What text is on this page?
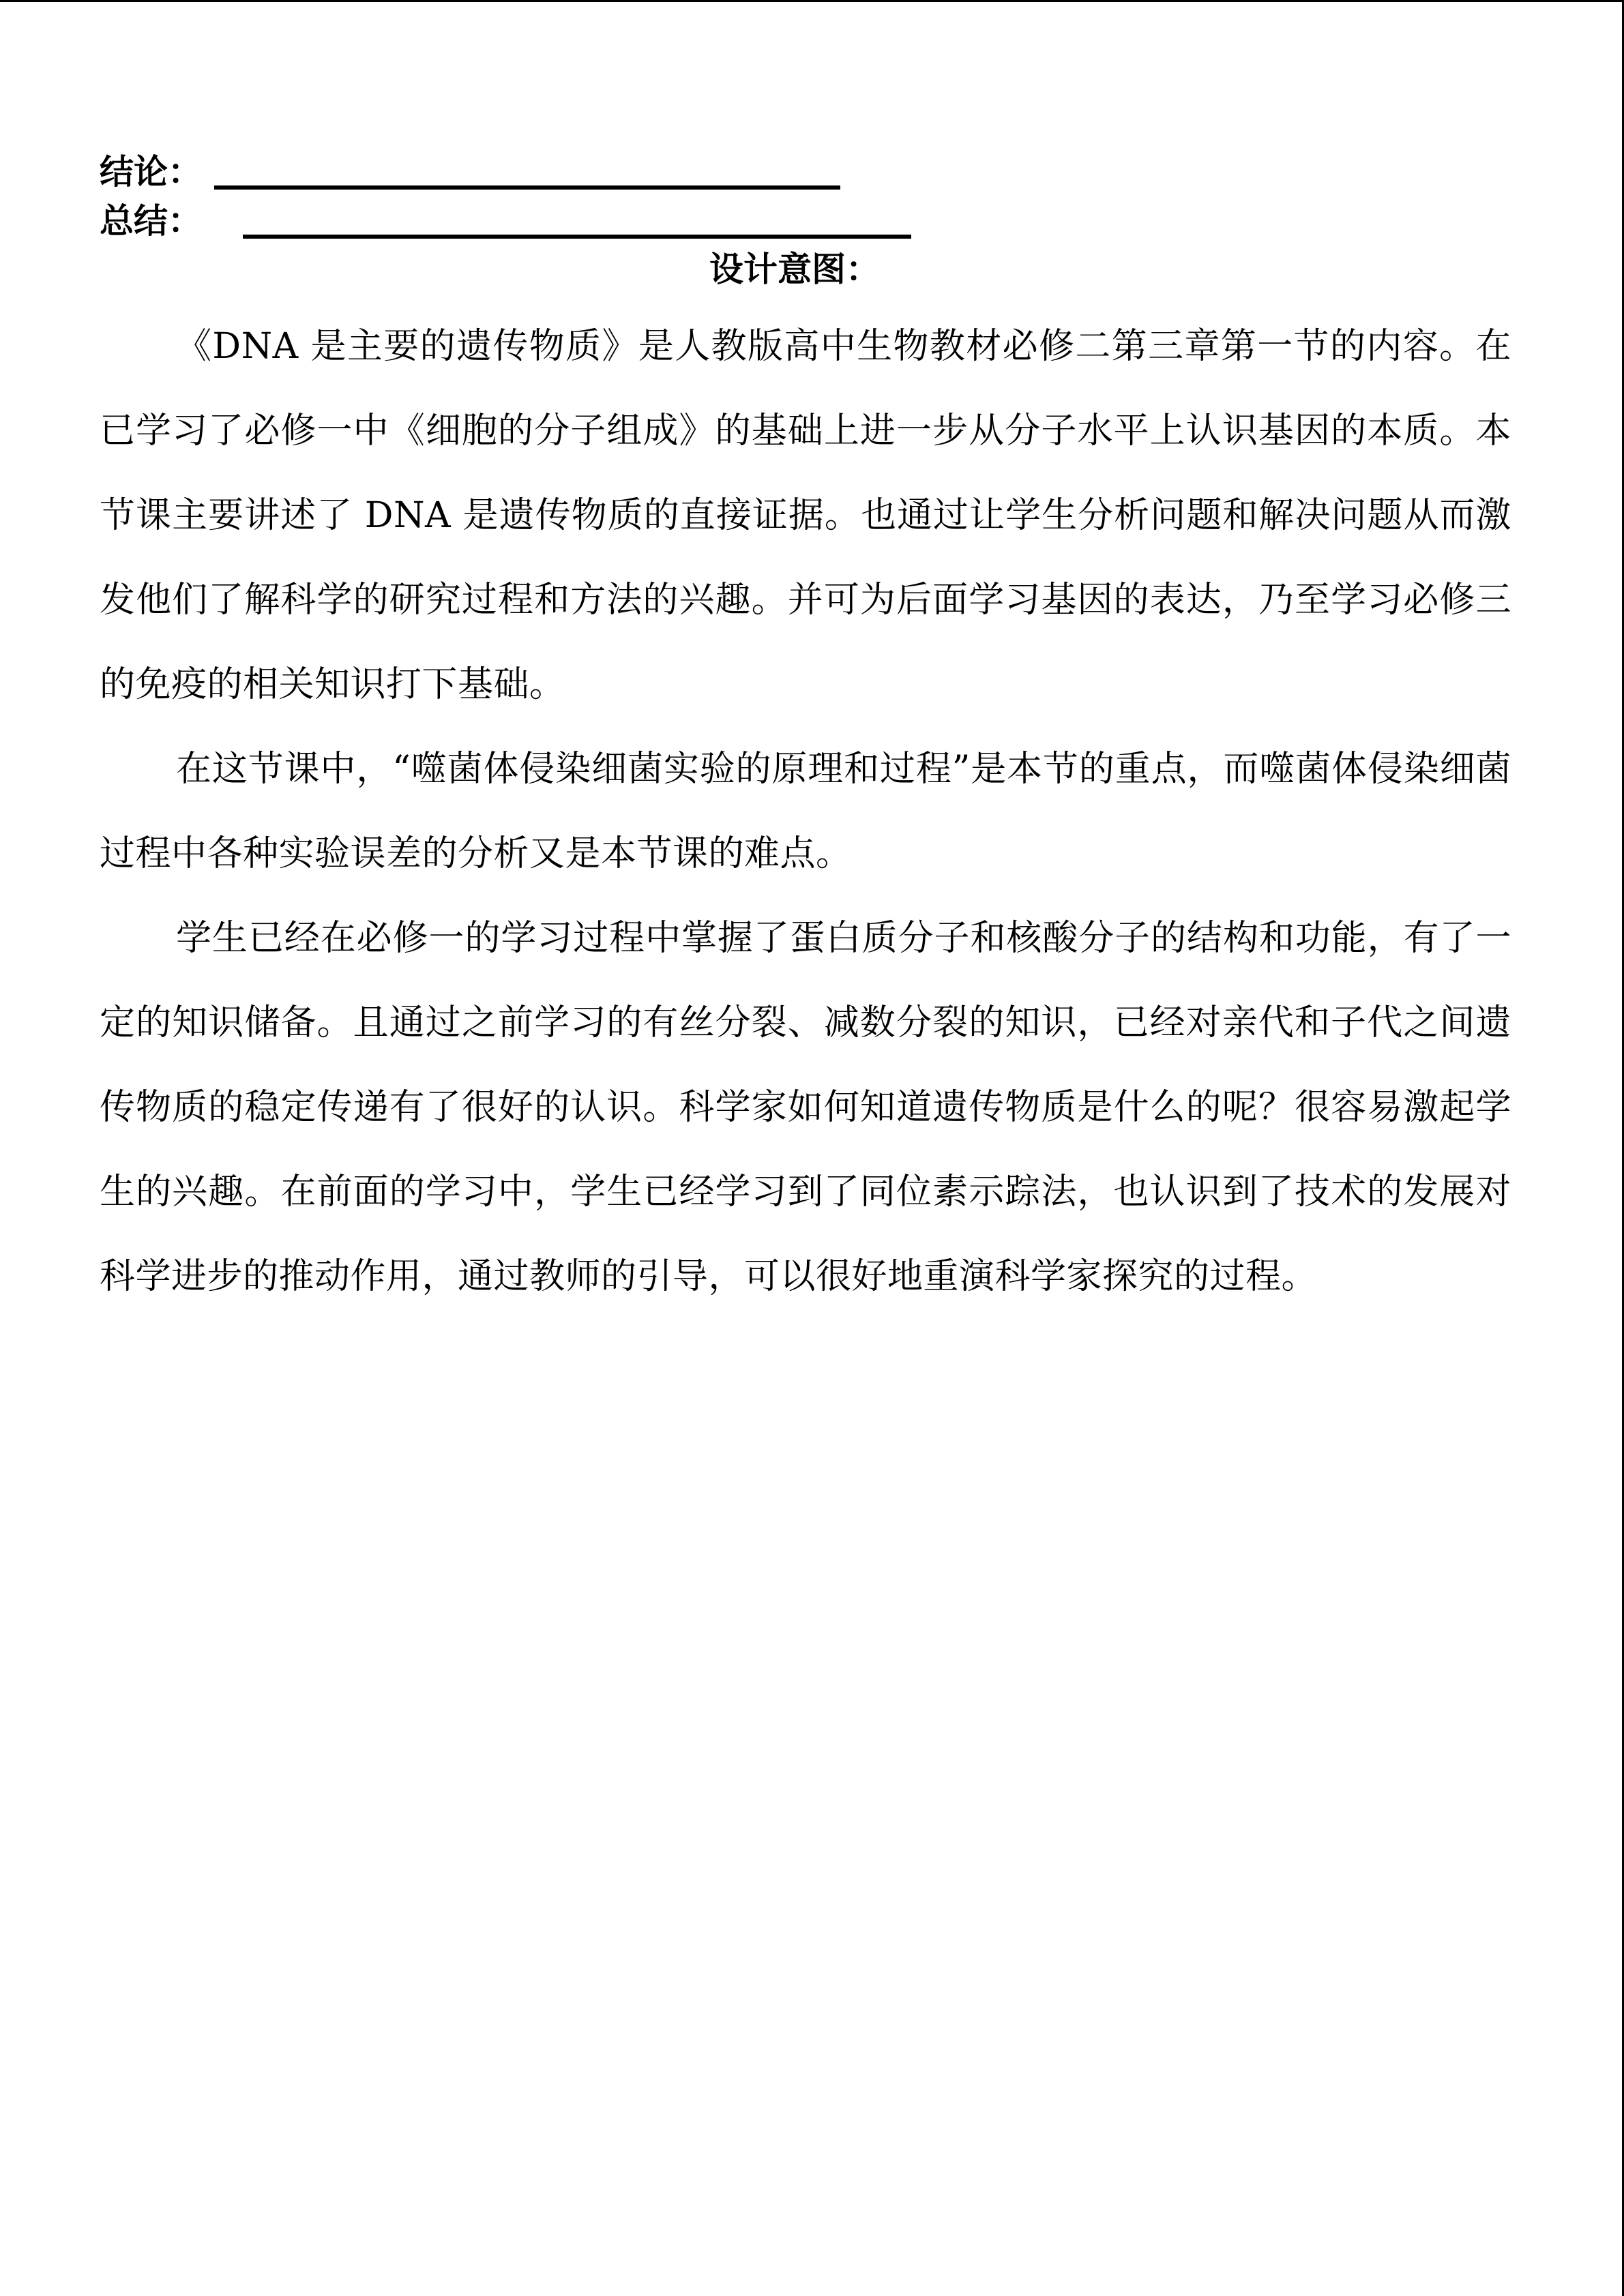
结论：
总结：
设计意图：

《DNA 是主要的遗传物质》是人教版高中生物教材必修二第三章第一节的内容。在已学习了必修一中《细胞的分子组成》的基础上进一步从分子水平上认识基因的本质。本节课主要讲述了 DNA 是遗传物质的直接证据。也通过让学生分析问题和解决问题从而激发他们了解科学的研究过程和方法的兴趣。并可为后面学习基因的表达，乃至学习必修三的免疫的相关知识打下基础。

在这节课中，“噬菌体侵染细菌实验的原理和过程”是本节的重点，而噬菌体侵染细菌过程中各种实验误差的分析又是本节课的难点。

学生已经在必修一的学习过程中掌握了蛋白质分子和核酸分子的结构和功能，有了一定的知识储备。且通过之前学习的有丝分裂、减数分裂的知识，已经对亲代和子代之间遗传物质的稳定传递有了很好的认识。科学家如何知道遗传物质是什么的呢？很容易激起学生的兴趣。在前面的学习中，学生已经学习到了同位素示踪法，也认识到了技术的发展对科学进步的推动作用，通过教师的引导，可以很好地重演科学家探究的过程。
